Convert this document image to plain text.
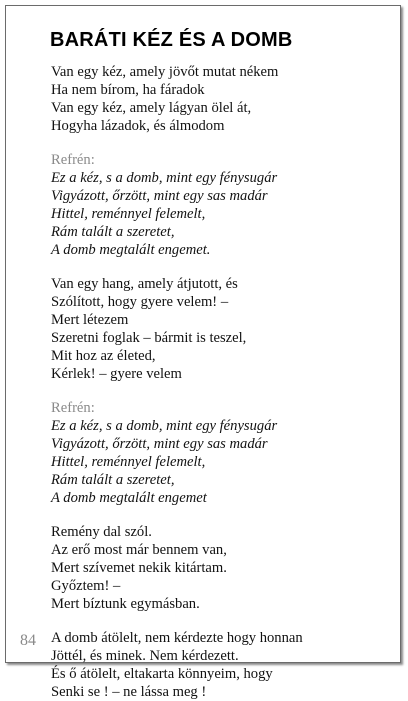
BARÁTI KÉZ ÉS A DOMB
Van egy kéz, amely jövőt mutat nékem
Ha nem bírom, ha fáradok
Van egy kéz, amely lágyan ölel át,
Hogyha lázadok, és álmodom
Refrén:
Ez a kéz, s a domb, mint egy fénysugár
Vigyázott, őrzött, mint egy sas madár
Hittel, reménnyel felemelt,
Rám talált a szeretet,
A domb megtalált engemet.
Van egy hang, amely átjutott, és
Szólított, hogy gyere velem! –
Mert létezem
Szeretni foglak – bármit is teszel,
Mit hoz az életed,
Kérlek! – gyere velem
Refrén:
Ez a kéz, s a domb, mint egy fénysugár
Vigyázott, őrzött, mint egy sas madár
Hittel, reménnyel felemelt,
Rám talált a szeretet,
A domb megtalált engemet
Remény dal szól.
Az erő most már bennem van,
Mert szívemet nekik kitártam.
Győztem! –
Mert bíztunk egymásban.
A domb átölelt, nem kérdezte hogy honnan
Jöttél, és minek. Nem kérdezett.
És ő átölelt, eltakarta könnyeim, hogy
Senki se ! – ne lássa meg !
84
